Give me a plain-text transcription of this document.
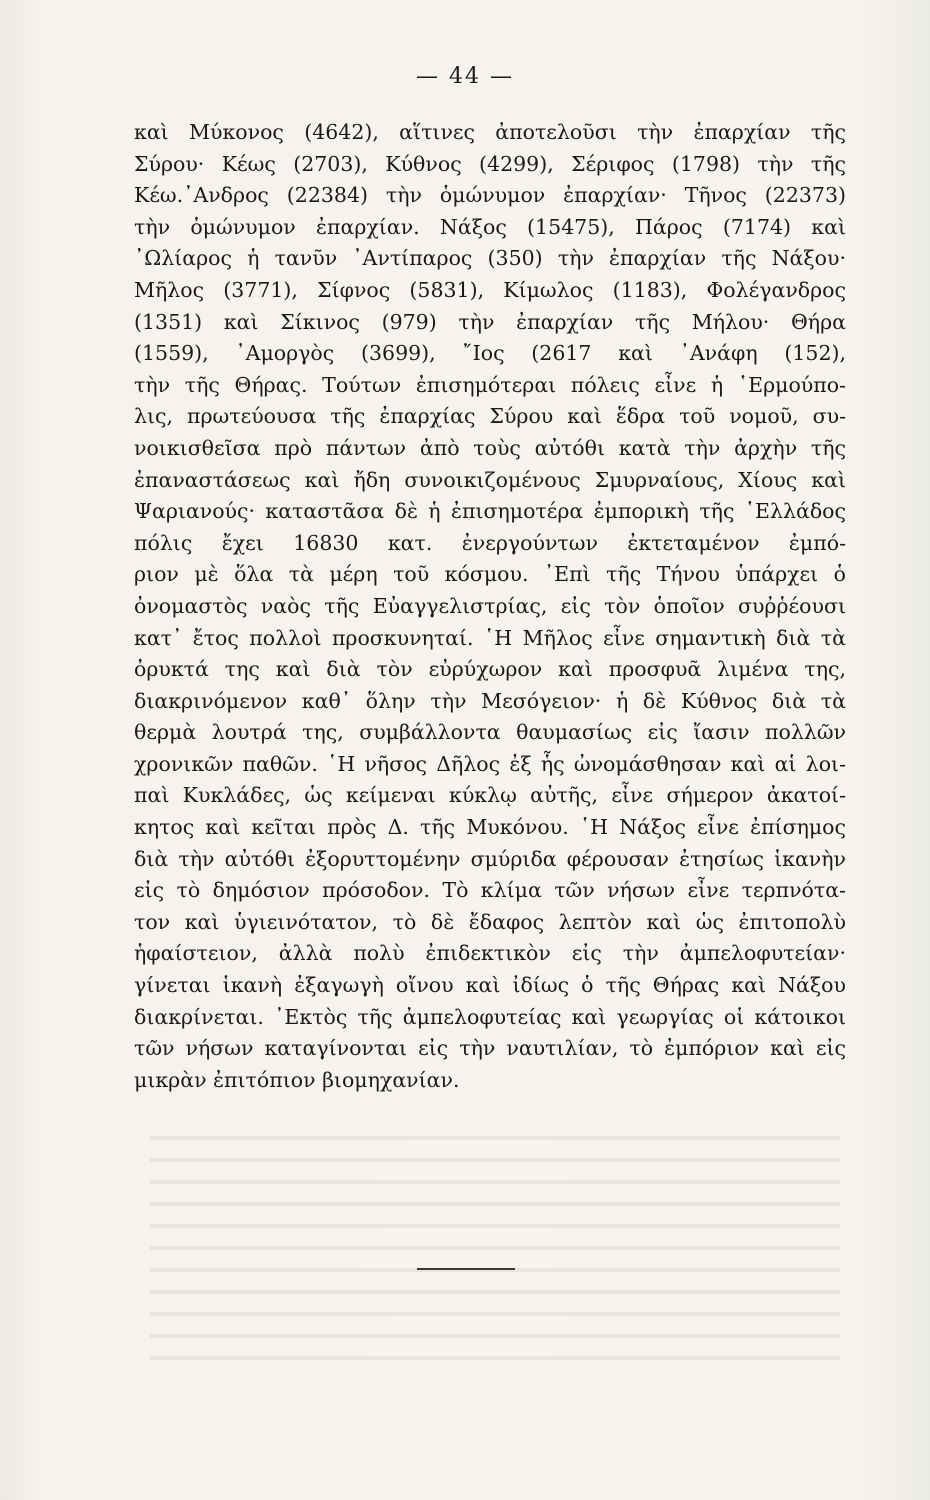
— 44 —
καὶ Μύκονος (4642), αἵτινες ἀποτελοῦσι τὴν ἐπαρχίαν τῆς
Σύρου· Κέως (2703), Κύθνος (4299), Σέριφος (1798) τὴν τῆς
Κέω.᾿Ανδρος (22384) τὴν ὁμώνυμον ἐπαρχίαν· Τῆνος (22373)
τὴν ὁμώνυμον ἐπαρχίαν. Νάξος (15475), Πάρος (7174) καὶ
᾿Ωλίαρος ἡ τανῦν ᾿Αντίπαρος (350) τὴν ἐπαρχίαν τῆς Νάξου·
Μῆλος (3771), Σίφνος (5831), Κίμωλος (1183), Φολέγανδρος
(1351) καὶ Σίκινος (979) τὴν ἐπαρχίαν τῆς Μήλου· Θήρα
(1559), ᾿Αμοργὸς (3699), ῎Ιος (2617 καὶ ᾿Ανάφη (152),
τὴν τῆς Θήρας. Τούτων ἐπισημότεραι πόλεις εἶνε ἡ ῾Ερμούπο-
λις, πρωτεύουσα τῆς ἐπαρχίας Σύρου καὶ ἕδρα τοῦ νομοῦ, συ-
νοικισθεῖσα πρὸ πάντων ἀπὸ τοὺς αὐτόθι κατὰ τὴν ἀρχὴν τῆς
ἐπαναστάσεως καὶ ἤδη συνοικιζομένους Σμυρναίους, Χίους καὶ
Ψαριανούς· καταστᾶσα δὲ ἡ ἐπισημοτέρα ἐμπορικὴ τῆς ῾Ελλάδος
πόλις ἔχει 16830 κατ. ἐνεργούντων ἐκτεταμένον ἐμπό-
ριον μὲ ὅλα τὰ μέρη τοῦ κόσμου. ᾿Επὶ τῆς Τήνου ὑπάρχει ὁ
ὀνομαστὸς ναὸς τῆς Εὐαγγελιστρίας, εἰς τὸν ὁποῖον συῤῥέουσι
κατ᾿ ἔτος πολλοὶ προσκυνηταί. ῾Η Μῆλος εἶνε σημαντικὴ διὰ τὰ
ὀρυκτά της καὶ διὰ τὸν εὐρύχωρον καὶ προσφυᾶ λιμένα της,
διακρινόμενον καθ᾿ ὅλην τὴν Μεσόγειον· ἡ δὲ Κύθνος διὰ τὰ
θερμὰ λουτρά της, συμβάλλοντα θαυμασίως εἰς ἴασιν πολλῶν
χρονικῶν παθῶν. ῾Η νῆσος Δῆλος ἐξ ἧς ὠνομάσθησαν καὶ αἱ λοι-
παὶ Κυκλάδες, ὡς κείμεναι κύκλῳ αὐτῆς, εἶνε σήμερον ἀκατοί-
κητος καὶ κεῖται πρὸς Δ. τῆς Μυκόνου. ῾Η Νάξος εἶνε ἐπίσημος
διὰ τὴν αὐτόθι ἐξορυττομένην σμύριδα φέρουσαν ἐτησίως ἱκανὴν
εἰς τὸ δημόσιον πρόσοδον. Τὸ κλίμα τῶν νήσων εἶνε τερπνότα-
τον καὶ ὑγιεινότατον, τὸ δὲ ἔδαφος λεπτὸν καὶ ὡς ἐπιτοπολὺ
ἡφαίστειον, ἀλλὰ πολὺ ἐπιδεκτικὸν εἰς τὴν ἀμπελοφυτείαν·
γίνεται ἱκανὴ ἐξαγωγὴ οἴνου καὶ ἰδίως ὁ τῆς Θήρας καὶ Νάξου
διακρίνεται. ᾿Εκτὸς τῆς ἀμπελοφυτείας καὶ γεωργίας οἱ κάτοικοι
τῶν νήσων καταγίνονται εἰς τὴν ναυτιλίαν, τὸ ἐμπόριον καὶ εἰς
μικρὰν ἐπιτόπιον βιομηχανίαν.
